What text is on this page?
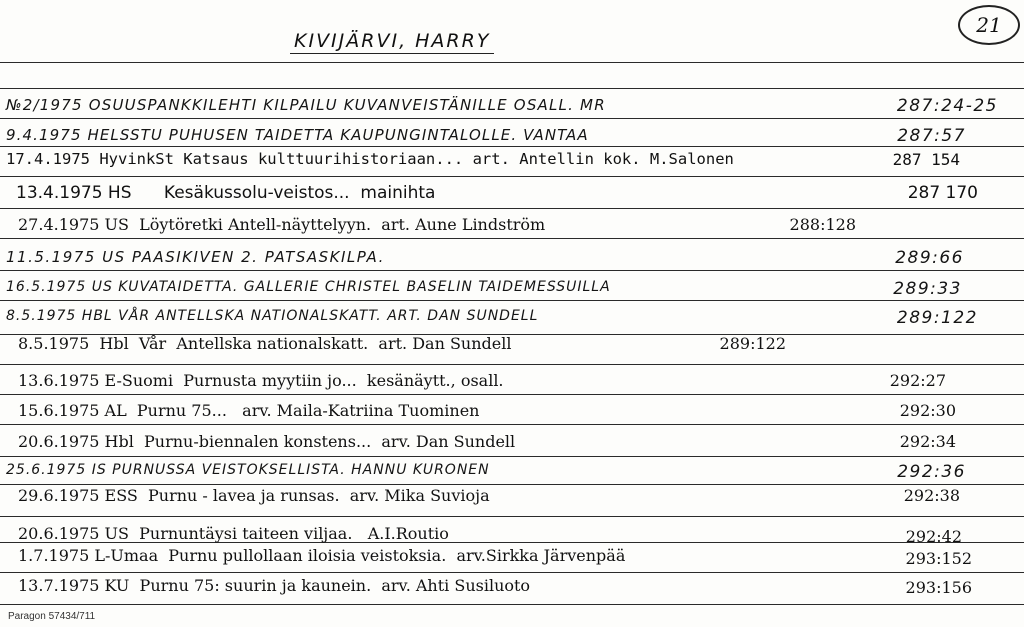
21
KIVIJÄRVI, HARRY
№2/1975 OSUUSPANKKILEHTI KILPAILU KUVANVEISTÄNILLE OSALL. MR	287:24-25
9.4.1975 HELSSTU PUHUSEN TAIDETTA KAUPUNGINTALOLLE. VANTAA	287:57
17.4.1975 HyvinkSt Katsaus kulttuurihistoriaan... art. Antellin kok. M.Salonen	287 154
13.4.1975 HS      Kesäkussolu-veistos...  mainihta	287 170
27.4.1975 US  Löytöretki Antell-näyttelyyn.  art. Aune Lindström	288:128
11.5.1975 US PAASIKIVEN 2. PATSASKILPA.	289:66
16.5.1975 US KUVATAIDETTA. GALLERIE CHRISTEL BASELIN TAIDEMESSUILLA	289:33
8.5.1975 HBL VÅR ANTELLSKA NATIONALSKATT. ART. DAN SUNDELL	289:122
8.5.1975  Hbl  Vår  Antellska nationalskatt.  art. Dan Sundell	289:122
13.6.1975 E-Suomi  Purnusta myytiin jo...  kesänäytt., osall.	292:27
15.6.1975 AL  Purnu 75...   arv. Maila-Katriina Tuominen	292:30
20.6.1975 Hbl  Purnu-biennalen konstens...  arv. Dan Sundell	292:34
25.6.1975 IS PURNUSSA VEISTOKSELLISTA. HANNU KURONEN	292:36
29.6.1975 ESS  Purnu - lavea ja runsas.  arv. Mika Suvioja	292:38
20.6.1975 US  Purnuntäysi taiteen viljaa.   A.I.Routio	292:42
1.7.1975 L-Umaa  Purnu pullollaan iloisia veistoksia.  arv.Sirkka Järvenpää	293:152
13.7.1975 KU  Purnu 75: suurin ja kaunein.  arv. Ahti Susiluoto	293:156
Paragon 57434/711
